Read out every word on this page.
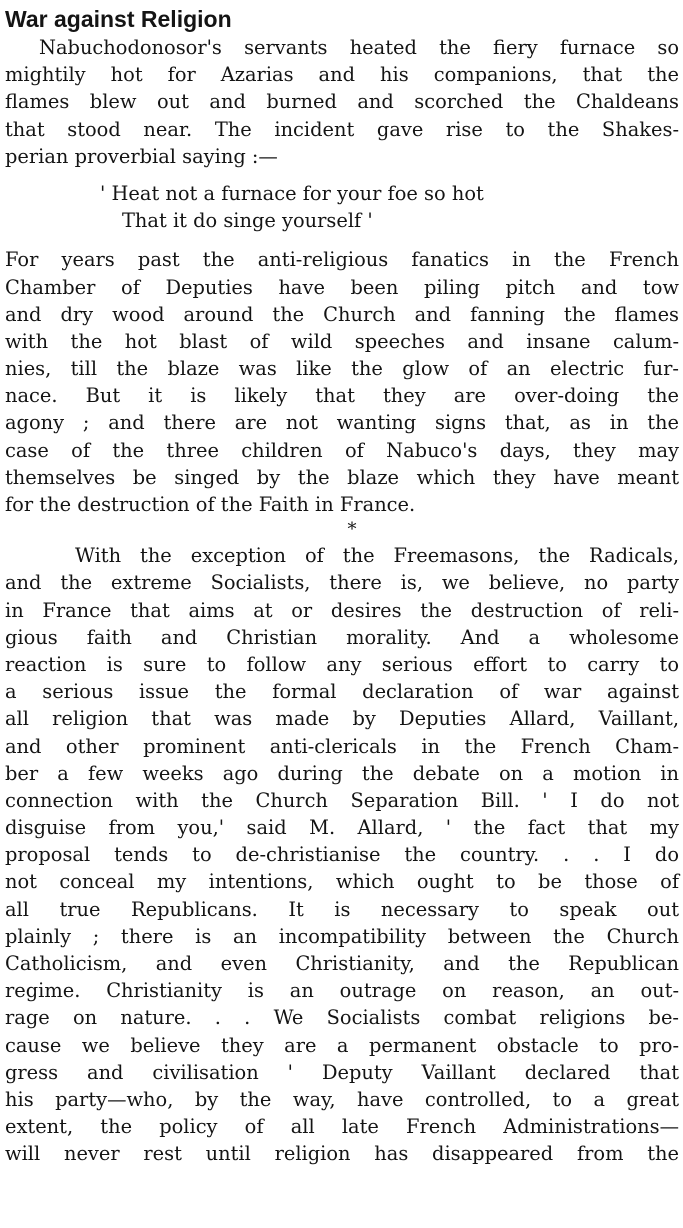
War against Religion
Nabuchodonosor's servants heated the fiery furnace so
mightily hot for Azarias and his companions, that the
flames blew out and burned and scorched the Chaldeans
that stood near. The incident gave rise to the Shakes-
perian proverbial saying :—
' Heat not a furnace for your foe so hot
That it do singe yourself '
For years past the anti-religious fanatics in the French
Chamber of Deputies have been piling pitch and tow
and dry wood around the Church and fanning the flames
with the hot blast of wild speeches and insane calum-
nies, till the blaze was like the glow of an electric fur-
nace. But it is likely that they are over-doing the
agony ; and there are not wanting signs that, as in the
case of the three children of Nabuco's days, they may
themselves be singed by the blaze which they have meant
for the destruction of the Faith in France.
*
With the exception of the Freemasons, the Radicals,
and the extreme Socialists, there is, we believe, no party
in France that aims at or desires the destruction of reli-
gious faith and Christian morality. And a wholesome
reaction is sure to follow any serious effort to carry to
a serious issue the formal declaration of war against
all religion that was made by Deputies Allard, Vaillant,
and other prominent anti-clericals in the French Cham-
ber a few weeks ago during the debate on a motion in
connection with the Church Separation Bill. ' I do not
disguise from you,' said M. Allard, ' the fact that my
proposal tends to de-christianise the country. . . I do
not conceal my intentions, which ought to be those of
all true Republicans. It is necessary to speak out
plainly ; there is an incompatibility between the Church
Catholicism, and even Christianity, and the Republican
regime. Christianity is an outrage on reason, an out-
rage on nature. . . We Socialists combat religions be-
cause we believe they are a permanent obstacle to pro-
gress and civilisation ' Deputy Vaillant declared that
his party—who, by the way, have controlled, to a great
extent, the policy of all late French Administrations—
will never rest until religion has disappeared from the
